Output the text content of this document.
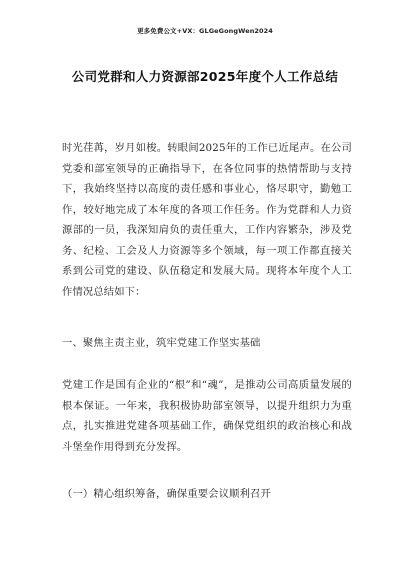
更多免费公文+VX：GLGeGongWen2024
公司党群和人力资源部2025年度个人工作总结
时光荏苒，岁月如梭。转眼间2025年的工作已近尾声。在公司党委和部室领导的正确指导下，在各位同事的热情帮助与支持下，我始终坚持以高度的责任感和事业心，恪尽职守，勤勉工作，较好地完成了本年度的各项工作任务。作为党群和人力资源部的一员，我深知肩负的责任重大，工作内容繁杂，涉及党务、纪检、工会及人力资源等多个领域，每一项工作都直接关系到公司党的建设、队伍稳定和发展大局。现将本年度个人工作情况总结如下：
一、聚焦主责主业，筑牢党建工作坚实基础
党建工作是国有企业的“根”和“魂”，是推动公司高质量发展的根本保证。一年来，我积极协助部室领导，以提升组织力为重点，扎实推进党建各项基础工作，确保党组织的政治核心和战斗堡垒作用得到充分发挥。
（一）精心组织筹备，确保重要会议顺利召开
